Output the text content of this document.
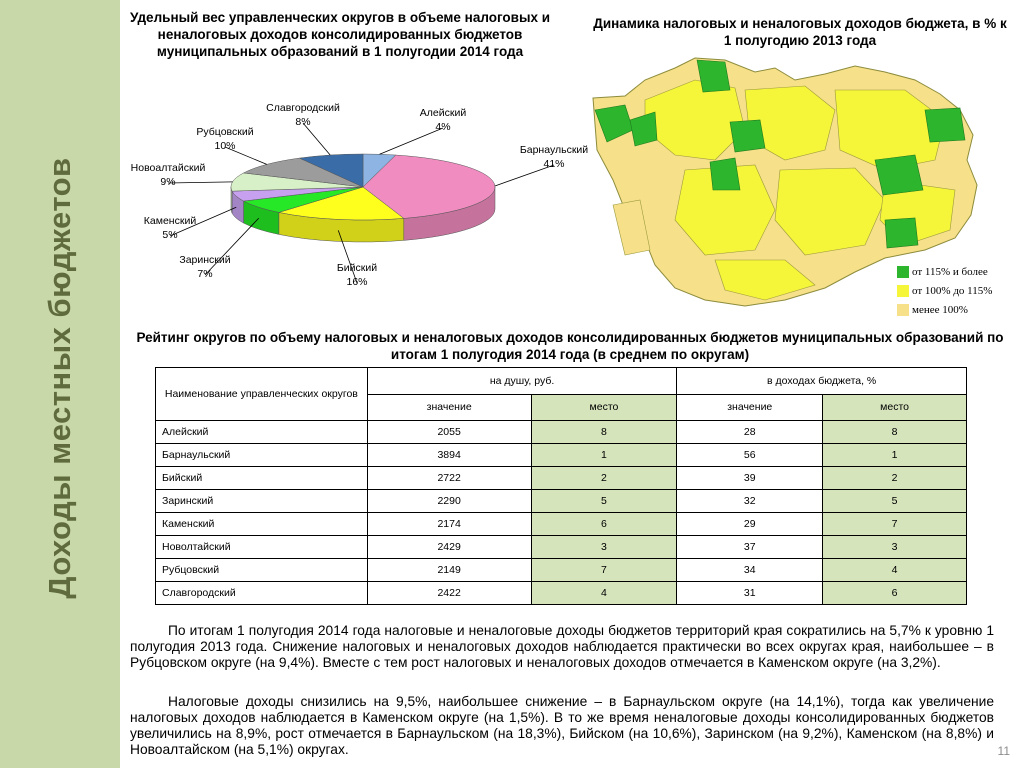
Доходы местных бюджетов
Удельный вес управленческих округов в объеме налоговых и неналоговых доходов консолидированных бюджетов муниципальных образований в 1 полугодии 2014 года
Алейский
4%
Барнаульский
41%
Бийский
16%
Заринский
7%
Каменский
5%
Новоалтайский
9%
Рубцовский
10%
Славгородский
8%
Динамика налоговых и неналоговых доходов бюджета, в % к 1 полугодию 2013 года
от 115% и более
от 100% до 115%
менее 100%
Рейтинг округов по объему налоговых и неналоговых доходов консолидированных бюджетов муниципальных образований по итогам 1 полугодия 2014 года (в среднем по округам)
Наименование управленческих округов	на душу, руб.		в доходах бюджета, %	
	значение	место	значение	место
Алейский	2055	8	28	8
Барнаульский	3894	1	56	1
Бийский	2722	2	39	2
Заринский	2290	5	32	5
Каменский	2174	6	29	7
Новолтайский	2429	3	37	3
Рубцовский	2149	7	34	4
Славгородский	2422	4	31	6
По итогам 1 полугодия 2014 года налоговые и неналоговые доходы бюджетов территорий края сократились на 5,7% к уровню 1 полугодия 2013 года. Снижение налоговых и неналоговых доходов наблюдается практически во всех округах края, наибольшее – в Рубцовском округе (на 9,4%). Вместе с тем рост налоговых и неналоговых доходов отмечается в Каменском округе (на 3,2%).
Налоговые доходы снизились на 9,5%, наибольшее снижение – в Барнаульском округе (на 14,1%), тогда как увеличение налоговых доходов наблюдается в Каменском округе (на 1,5%). В то же время неналоговые доходы консолидированных бюджетов увеличились на 8,9%, рост отмечается в Барнаульском (на 18,3%), Бийском (на 10,6%), Заринском (на 9,2%), Каменском (на 8,8%) и Новоалтайском (на 5,1%) округах.	11
